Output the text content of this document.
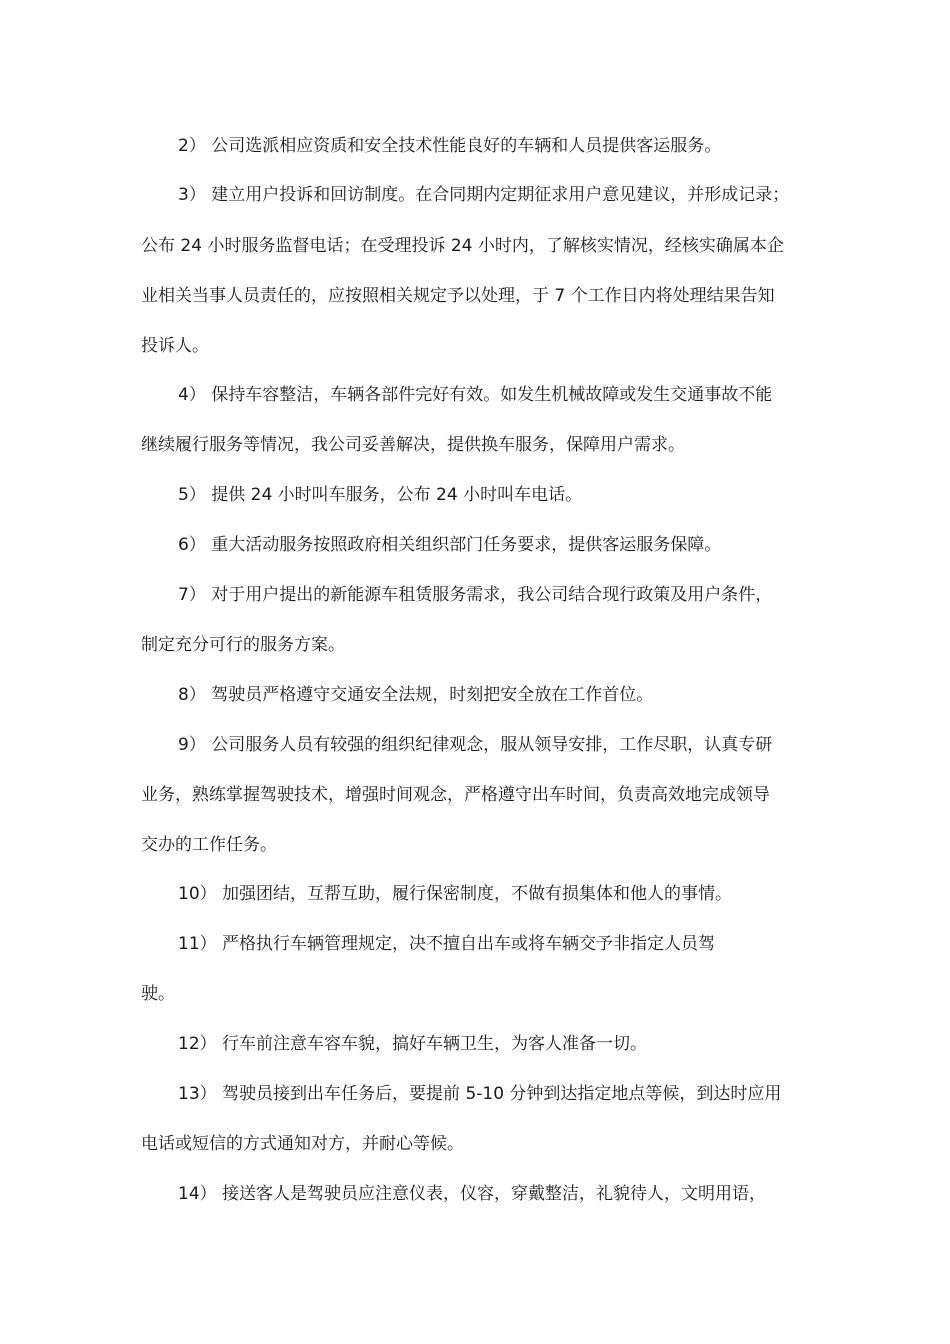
2） 公司选派相应资质和安全技术性能良好的车辆和人员提供客运服务。
3） 建立用户投诉和回访制度。在合同期内定期征求用户意见建议，并形成记录；
公布 24 小时服务监督电话；在受理投诉 24 小时内，了解核实情况，经核实确属本企
业相关当事人员责任的，应按照相关规定予以处理，于 7 个工作日内将处理结果告知
投诉人。
4） 保持车容整洁，车辆各部件完好有效。如发生机械故障或发生交通事故不能
继续履行服务等情况，我公司妥善解决，提供换车服务，保障用户需求。
5） 提供 24 小时叫车服务，公布 24 小时叫车电话。
6） 重大活动服务按照政府相关组织部门任务要求，提供客运服务保障。
7） 对于用户提出的新能源车租赁服务需求，我公司结合现行政策及用户条件，
制定充分可行的服务方案。
8） 驾驶员严格遵守交通安全法规，时刻把安全放在工作首位。
9） 公司服务人员有较强的组织纪律观念，服从领导安排，工作尽职，认真专研
业务，熟练掌握驾驶技术，增强时间观念，严格遵守出车时间，负责高效地完成领导
交办的工作任务。
10） 加强团结，互帮互助，履行保密制度，不做有损集体和他人的事情。
11） 严格执行车辆管理规定，决不擅自出车或将车辆交予非指定人员驾
驶。
12） 行车前注意车容车貌，搞好车辆卫生，为客人准备一切。
13） 驾驶员接到出车任务后，要提前 5-10 分钟到达指定地点等候，到达时应用
电话或短信的方式通知对方，并耐心等候。
14） 接送客人是驾驶员应注意仪表，仪容，穿戴整洁，礼貌待人，文明用语，
